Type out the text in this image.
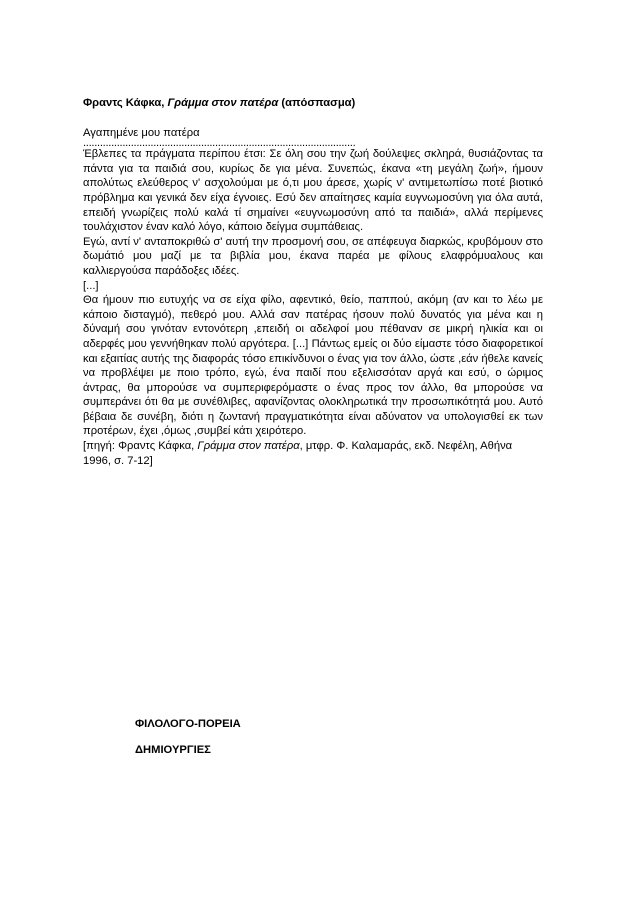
Φραντς Κάφκα, Γράμμα στον πατέρα (απόσπασμα)

Αγαπημένε μου πατέρα

.................................................................................................

Έβλεπες τα πράγματα περίπου έτσι: Σε όλη σου την ζωή δούλεψες σκληρά, θυσιάζοντας τα πάντα για τα παιδιά σου, κυρίως δε για μένα. Συνεπώς, έκανα «τη μεγάλη ζωή», ήμουν απολύτως ελεύθερος ν' ασχολούμαι με ό,τι μου άρεσε, χωρίς ν' αντιμετωπίσω ποτέ βιοτικό πρόβλημα και γενικά δεν είχα έγνοιες. Εσύ δεν απαίτησες καμία ευγνωμοσύνη για όλα αυτά, επειδή γνωρίζεις πολύ καλά τί σημαίνει «ευγνωμοσύνη από τα παιδιά», αλλά περίμενες τουλάχιστον έναν καλό λόγο, κάποιο δείγμα συμπάθειας.

Εγώ, αντί ν' ανταποκριθώ σ' αυτή την προσμονή σου, σε απέφευγα διαρκώς, κρυβόμουν στο δωμάτιό μου μαζί με τα βιβλία μου, έκανα παρέα με φίλους ελαφρόμυαλους και καλλιεργούσα παράδοξες ιδέες.

[...]

Θα ήμουν πιο ευτυχής να σε είχα φίλο, αφεντικό, θείο, παππού, ακόμη (αν και το λέω με κάποιο δισταγμό), πεθερό μου. Αλλά σαν πατέρας ήσουν πολύ δυνατός για μένα και η δύναμή σου γινόταν εντονότερη ,επειδή οι αδελφοί μου πέθαναν σε μικρή ηλικία και οι αδερφές μου γεννήθηκαν πολύ αργότερα. [...] Πάντως εμείς οι δύο είμαστε τόσο διαφορετικοί και εξαιτίας αυτής της διαφοράς τόσο επικίνδυνοι ο ένας για τον άλλο, ώστε ,εάν ήθελε κανείς να προβλέψει με ποιο τρόπο, εγώ, ένα παιδί που εξελισσόταν αργά και εσύ, ο ώριμος άντρας, θα μπορούσε να συμπεριφερόμαστε ο ένας προς τον άλλο, θα μπορούσε να συμπεράνει ότι θα με συνέθλιβες, αφανίζοντας ολοκληρωτικά την προσωπικότητά μου. Αυτό βέβαια δε συνέβη, διότι η ζωντανή πραγματικότητα είναι αδύνατον να υπολογισθεί εκ των προτέρων, έχει ,όμως ,συμβεί κάτι χειρότερο.

[πηγή: Φραντς Κάφκα, Γράμμα στον πατέρα, μτφρ. Φ. Καλαμαράς, εκδ. Νεφέλη, Αθήνα 1996, σ. 7-12]

ΦΙΛΟΛΟΓΟ-ΠΟΡΕΙΑ
ΔΗΜΙΟΥΡΓΙΕΣ
